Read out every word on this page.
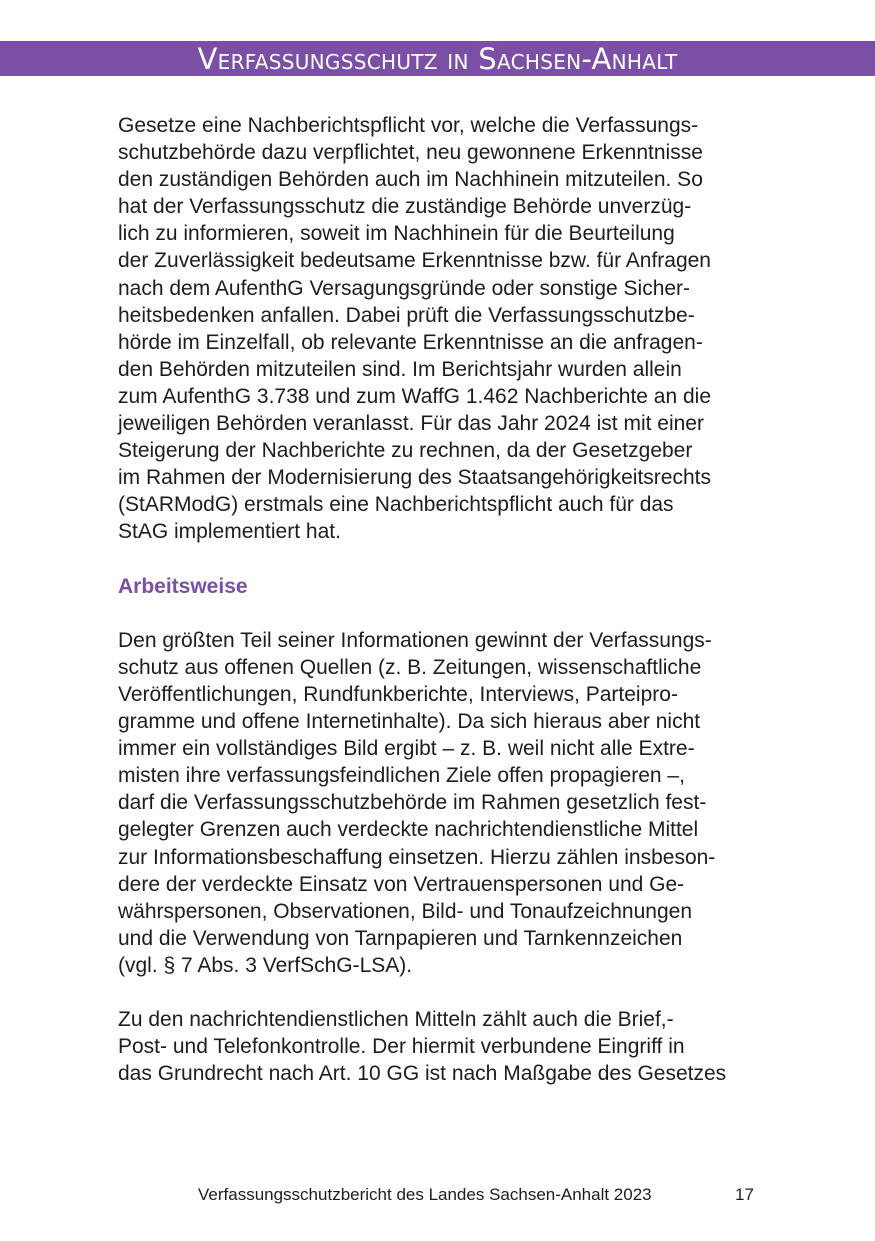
Verfassungsschutz in Sachsen-Anhalt

Gesetze eine Nachberichtspflicht vor, welche die Verfassungs-
schutzbehörde dazu verpflichtet, neu gewonnene Erkenntnisse
den zuständigen Behörden auch im Nachhinein mitzuteilen. So
hat der Verfassungsschutz die zuständige Behörde unverzüg-
lich zu informieren, soweit im Nachhinein für die Beurteilung
der Zuverlässigkeit bedeutsame Erkenntnisse bzw. für Anfragen
nach dem AufenthG Versagungsgründe oder sonstige Sicher-
heitsbedenken anfallen. Dabei prüft die Verfassungsschutzbe-
hörde im Einzelfall, ob relevante Erkenntnisse an die anfragen-
den Behörden mitzuteilen sind. Im Berichtsjahr wurden allein
zum AufenthG 3.738 und zum WaffG 1.462 Nachberichte an die
jeweiligen Behörden veranlasst. Für das Jahr 2024 ist mit einer
Steigerung der Nachberichte zu rechnen, da der Gesetzgeber
im Rahmen der Modernisierung des Staatsangehörigkeitsrechts
(StARModG) erstmals eine Nachberichtspflicht auch für das
StAG implementiert hat.

Arbeitsweise

Den größten Teil seiner Informationen gewinnt der Verfassungs-
schutz aus offenen Quellen (z. B. Zeitungen, wissenschaftliche
Veröffentlichungen, Rundfunkberichte, Interviews, Parteipro-
gramme und offene Internetinhalte). Da sich hieraus aber nicht
immer ein vollständiges Bild ergibt – z. B. weil nicht alle Extre-
misten ihre verfassungsfeindlichen Ziele offen propagieren –,
darf die Verfassungsschutzbehörde im Rahmen gesetzlich fest-
gelegter Grenzen auch verdeckte nachrichtendienstliche Mittel
zur Informationsbeschaffung einsetzen. Hierzu zählen insbeson-
dere der verdeckte Einsatz von Vertrauenspersonen und Ge-
währspersonen, Observationen, Bild- und Tonaufzeichnungen
und die Verwendung von Tarnpapieren und Tarnkennzeichen
(vgl. § 7 Abs. 3 VerfSchG-LSA).

Zu den nachrichtendienstlichen Mitteln zählt auch die Brief,-
Post- und Telefonkontrolle. Der hiermit verbundene Eingriff in
das Grundrecht nach Art. 10 GG ist nach Maßgabe des Gesetzes

Verfassungsschutzbericht des Landes Sachsen-Anhalt 2023	17
